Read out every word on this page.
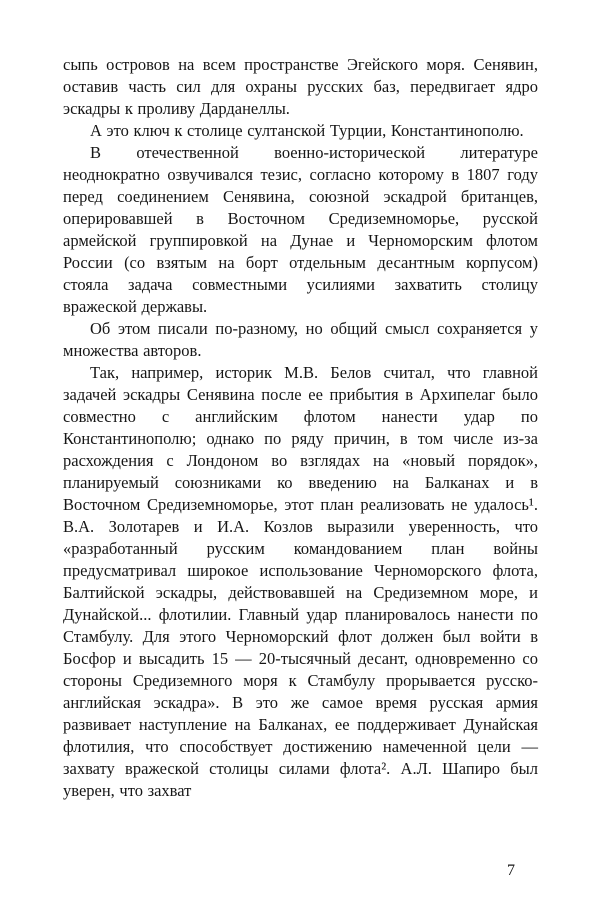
сыпь островов на всем пространстве Эгейского моря. Сенявин, оставив часть сил для охраны русских баз, передвигает ядро эскадры к проливу Дарданеллы.

А это ключ к столице султанской Турции, Константинополю.

В отечественной военно-исторической литературе неоднократно озвучивался тезис, согласно которому в 1807 году перед соединением Сенявина, союзной эскадрой британцев, оперировавшей в Восточном Средиземноморье, русской армейской группировкой на Дунае и Черноморским флотом России (со взятым на борт отдельным десантным корпусом) стояла задача совместными усилиями захватить столицу вражеской державы.

Об этом писали по-разному, но общий смысл сохраняется у множества авторов.

Так, например, историк М.В. Белов считал, что главной задачей эскадры Сенявина после ее прибытия в Архипелаг было совместно с английским флотом нанести удар по Константинополю; однако по ряду причин, в том числе из-за расхождения с Лондоном во взглядах на «новый порядок», планируемый союзниками ко введению на Балканах и в Восточном Средиземноморье, этот план реализовать не удалось¹. В.А. Золотарев и И.А. Козлов выразили уверенность, что «разработанный русским командованием план войны предусматривал широкое использование Черноморского флота, Балтийской эскадры, действовавшей на Средиземном море, и Дунайской... флотилии. Главный удар планировалось нанести по Стамбулу. Для этого Черноморский флот должен был войти в Босфор и высадить 15 — 20-тысячный десант, одновременно со стороны Средиземного моря к Стамбулу прорывается русско-английская эскадра». В это же самое время русская армия развивает наступление на Балканах, ее поддерживает Дунайская флотилия, что способствует достижению намеченной цели — захвату вражеской столицы силами флота². А.Л. Шапиро был уверен, что захват

7
